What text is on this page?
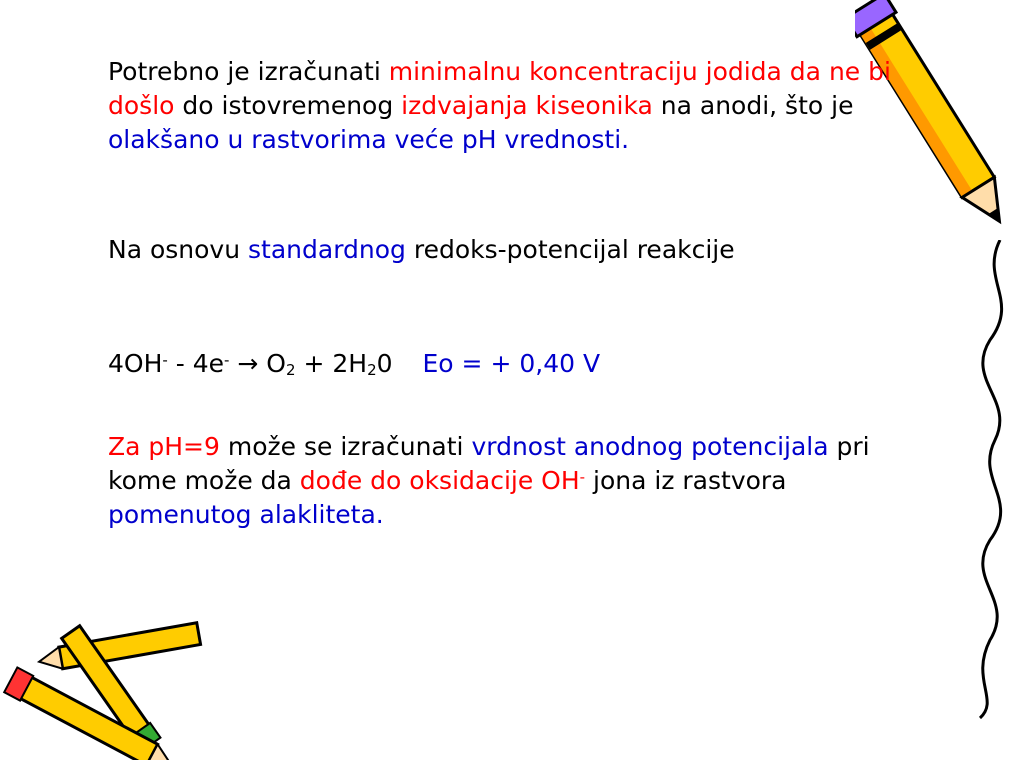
Potrebno je izračunati minimalnu koncentraciju jodida da ne bi došlo do istovremenog izdvajanja kiseonika na anodi, što je olakšano u rastvorima veće pH vrednosti.
Na osnovu standardnog redoks-potencijal reakcije
$4OH^- - 4e^- \to O_2 + 2H_20$ Eo = + 0,40 V
Za pH=9 može se izračunati vrdnost anodnog potencijala pri kome može da dođe do oksidacije OH- jona iz rastvora pomenutog alakliteta.
